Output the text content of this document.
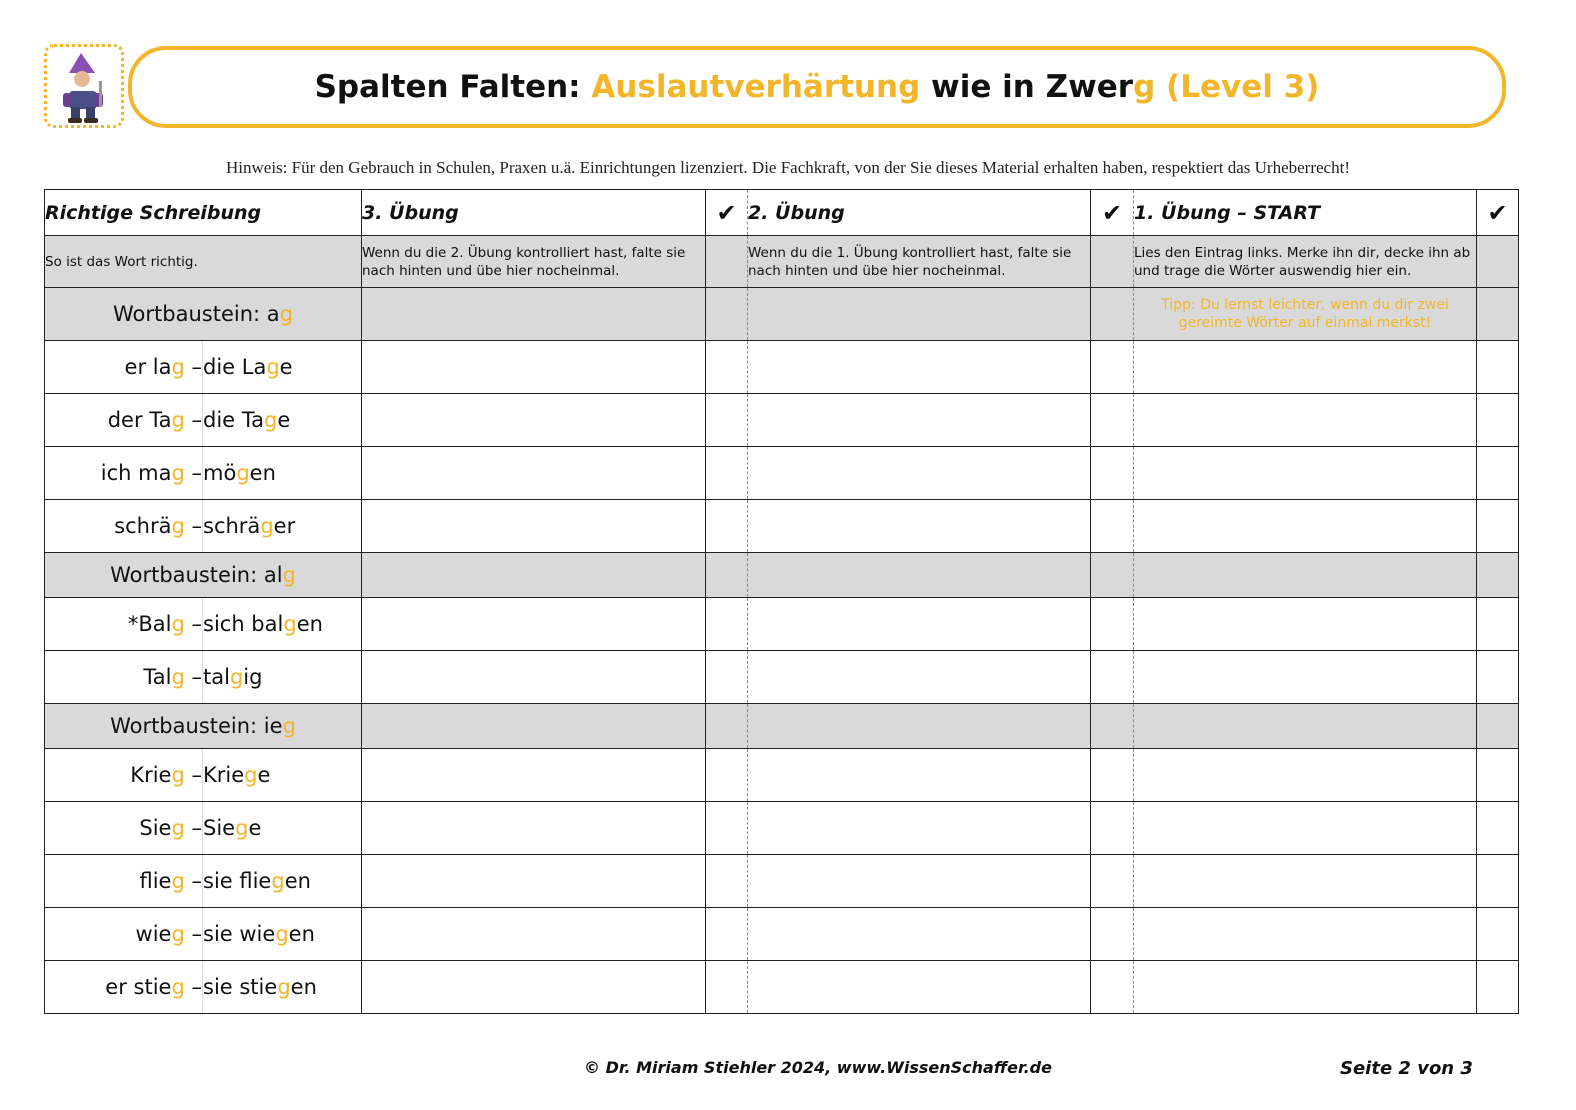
Spalten Falten: Auslautverhärtung wie in Zwerg (Level 3)
Hinweis: Für den Gebrauch in Schulen, Praxen u.ä. Einrichtungen lizenziert. Die Fachkraft, von der Sie dieses Material erhalten haben, respektiert das Urheberrecht!
Richtige Schreibung		3. Übung	✔	2. Übung	✔	1. Übung – START	✔
So ist das Wort richtig.		Wenn du die 2. Übung kontrolliert hast, falte sie nach hinten und übe hier nocheinmal.		Wenn du die 1. Übung kontrolliert hast, falte sie nach hinten und übe hier nocheinmal.		Lies den Eintrag links. Merke ihn dir, decke ihn ab und trage die Wörter auswendig hier ein.	
Wortbaustein: ag						Tipp: Du lernst leichter, wenn du dir zwei gereimte Wörter auf einmal merkst!	

er lag –	die Lage						
der Tag –	die Tage						
ich mag –	mögen						
schräg –	schräger						
Wortbaustein: alg							
*Balg –	sich balgen						
Talg –	talgig						
Wortbaustein: ieg							
Krieg –	Kriege						
Sieg –	Siege						
flieg –	sie fliegen						
wieg –	sie wiegen						
er stieg –	sie stiegen						
© Dr. Miriam Stiehler 2024, www.WissenSchaffer.de	Seite 2 von 3
